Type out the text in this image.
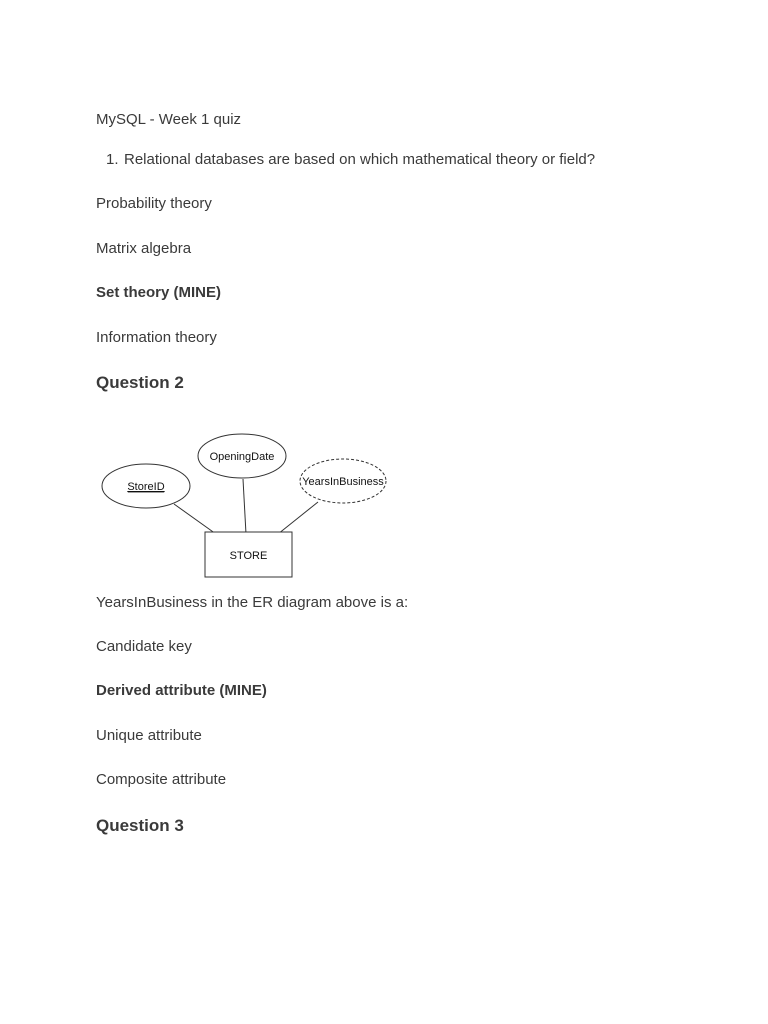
MySQL - Week 1 quiz
1. Relational databases are based on which mathematical theory or field?
Probability theory
Matrix algebra
Set theory (MINE)
Information theory
Question 2
StoreID
OpeningDate
YearsInBusiness
STORE
YearsInBusiness in the ER diagram above is a:
Candidate key
Derived attribute (MINE)
Unique attribute
Composite attribute
Question 3
